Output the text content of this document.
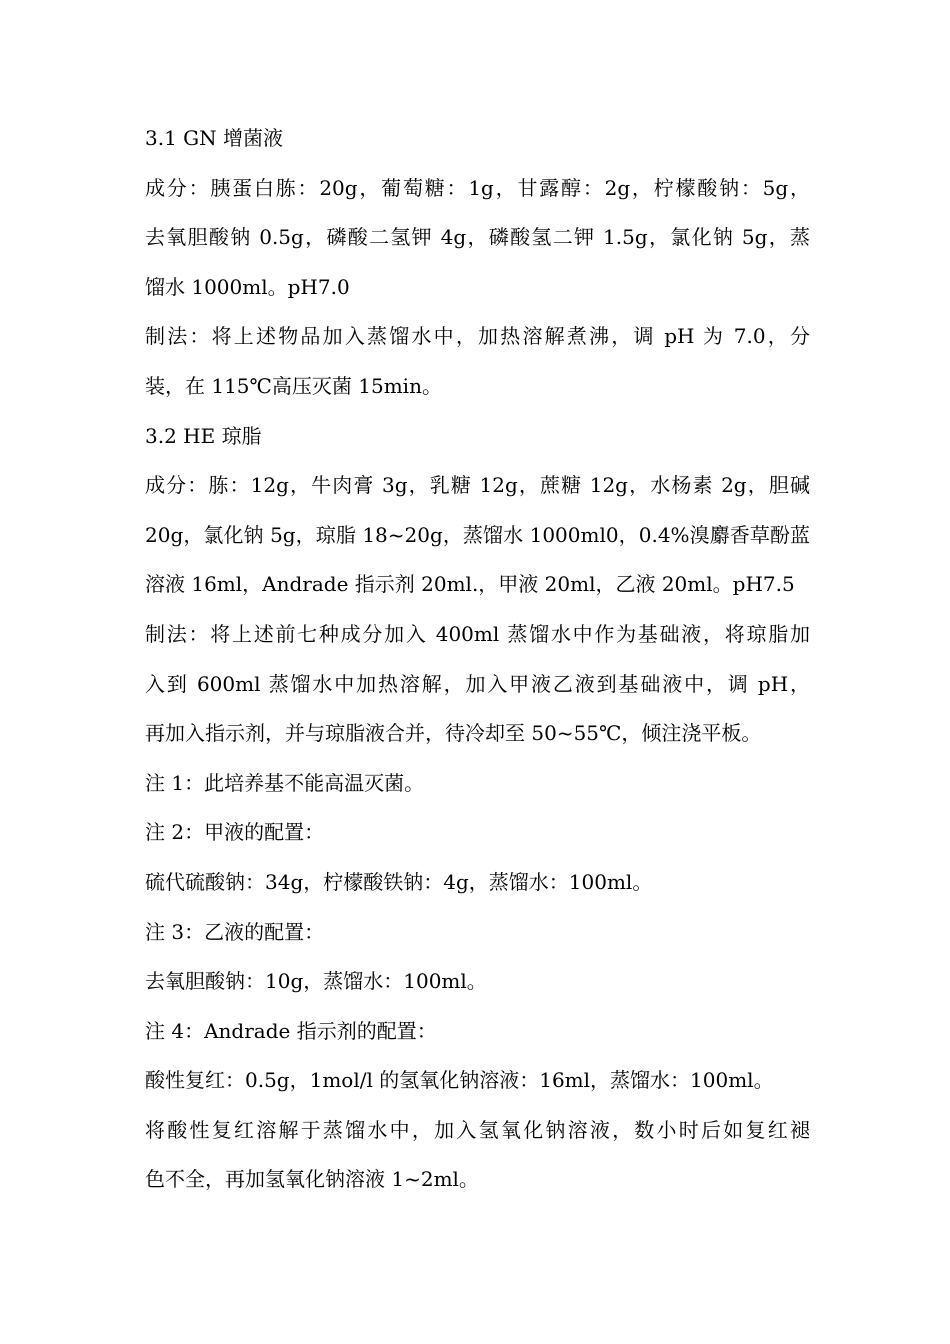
3.1 GN 增菌液
成分：胰蛋白胨：20g，葡萄糖：1g，甘露醇：2g，柠檬酸钠：5g，
去氧胆酸钠 0.5g，磷酸二氢钾 4g，磷酸氢二钾 1.5g，氯化钠 5g，蒸
馏水 1000ml。pH7.0
制法：将上述物品加入蒸馏水中，加热溶解煮沸，调 pH 为 7.0，分
装，在 115℃高压灭菌 15min。
3.2 HE 琼脂
成分：胨：12g，牛肉膏 3g，乳糖 12g，蔗糖 12g，水杨素 2g，胆碱
20g，氯化钠 5g，琼脂 18~20g，蒸馏水 1000ml0，0.4%溴麝香草酚蓝
溶液 16ml，Andrade 指示剂 20ml.，甲液 20ml，乙液 20ml。pH7.5
制法：将上述前七种成分加入 400ml 蒸馏水中作为基础液，将琼脂加
入到 600ml 蒸馏水中加热溶解，加入甲液乙液到基础液中，调 pH，
再加入指示剂，并与琼脂液合并，待冷却至 50~55℃，倾注浇平板。
注 1：此培养基不能高温灭菌。
注 2：甲液的配置：
硫代硫酸钠：34g，柠檬酸铁钠：4g，蒸馏水：100ml。
注 3：乙液的配置：
去氧胆酸钠：10g，蒸馏水：100ml。
注 4：Andrade 指示剂的配置：
酸性复红：0.5g，1mol/l 的氢氧化钠溶液：16ml，蒸馏水：100ml。
将酸性复红溶解于蒸馏水中，加入氢氧化钠溶液，数小时后如复红褪
色不全，再加氢氧化钠溶液 1~2ml。
